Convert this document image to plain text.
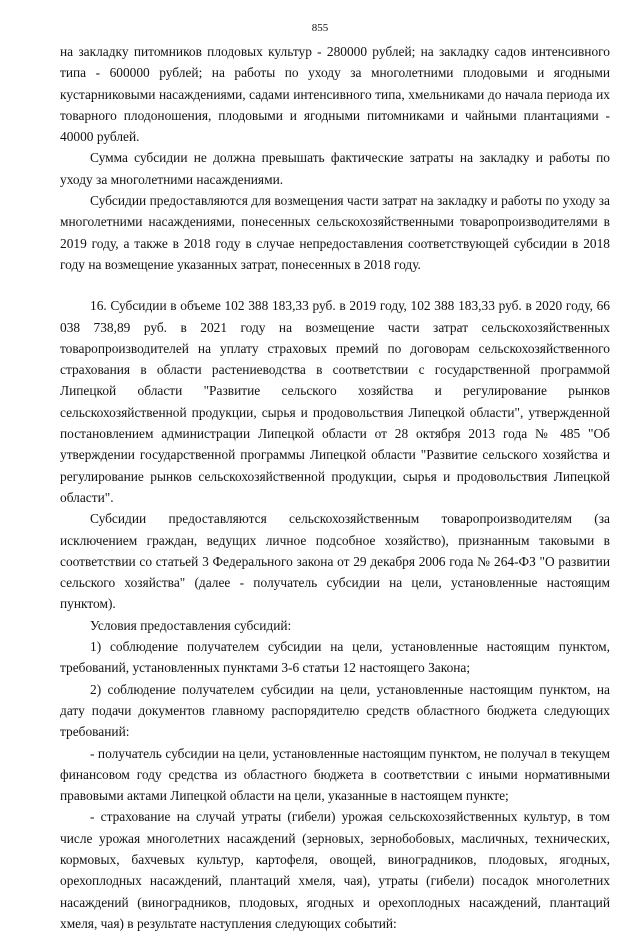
855

на закладку питомников плодовых культур - 280000 рублей; на закладку садов интенсивного типа - 600000 рублей; на работы по уходу за многолетними плодовыми и ягодными кустарниковыми насаждениями, садами интенсивного типа, хмельниками до начала периода их товарного плодоношения, плодовыми и ягодными питомниками и чайными плантациями - 40000 рублей.

Сумма субсидии не должна превышать фактические затраты на закладку и работы по уходу за многолетними насаждениями.

Субсидии предоставляются для возмещения части затрат на закладку и работы по уходу за многолетними насаждениями, понесенных сельскохозяйственными товаропроизводителями в 2019 году, а также в 2018 году в случае непредоставления соответствующей субсидии в 2018 году на возмещение указанных затрат, понесенных в 2018 году.

16. Субсидии в объеме 102 388 183,33 руб. в 2019 году, 102 388 183,33 руб. в 2020 году, 66 038 738,89 руб. в 2021 году на возмещение части затрат сельскохозяйственных товаропроизводителей на уплату страховых премий по договорам сельскохозяйственного страхования в области растениеводства в соответствии с государственной программой Липецкой области "Развитие сельского хозяйства и регулирование рынков сельскохозяйственной продукции, сырья и продовольствия Липецкой области", утвержденной постановлением администрации Липецкой области от 28 октября 2013 года № 485 "Об утверждении государственной программы Липецкой области "Развитие сельского хозяйства и регулирование рынков сельскохозяйственной продукции, сырья и продовольствия Липецкой области".

Субсидии предоставляются сельскохозяйственным товаропроизводителям (за исключением граждан, ведущих личное подсобное хозяйство), признанным таковыми в соответствии со статьей 3 Федерального закона от 29 декабря 2006 года № 264-ФЗ "О развитии сельского хозяйства" (далее - получатель субсидии на цели, установленные настоящим пунктом).

Условия предоставления субсидий:

1) соблюдение получателем субсидии на цели, установленные настоящим пунктом, требований, установленных пунктами 3-6 статьи 12 настоящего Закона;

2) соблюдение получателем субсидии на цели, установленные настоящим пунктом, на дату подачи документов главному распорядителю средств областного бюджета следующих требований:

- получатель субсидии на цели, установленные настоящим пунктом, не получал в текущем финансовом году средства из областного бюджета в соответствии с иными нормативными правовыми актами Липецкой области на цели, указанные в настоящем пункте;

- страхование на случай утраты (гибели) урожая сельскохозяйственных культур, в том числе урожая многолетних насаждений (зерновых, зернобобовых, масличных, технических, кормовых, бахчевых культур, картофеля, овощей, виноградников, плодовых, ягодных, орехоплодных насаждений, плантаций хмеля, чая), утраты (гибели) посадок многолетних насаждений (виноградников, плодовых, ягодных и орехоплодных насаждений, плантаций хмеля, чая) в результате наступления следующих событий:
